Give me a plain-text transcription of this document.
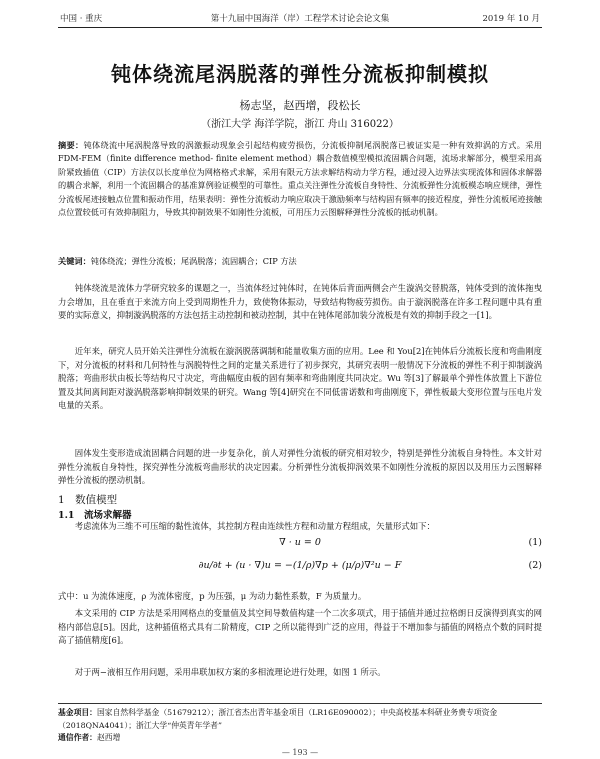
中国 · 重庆	第十九届中国海洋（岸）工程学术讨论会论文集	2019 年 10 月
钝体绕流尾涡脱落的弹性分流板抑制模拟
杨志坚，赵西增，段松长
（浙江大学 海洋学院，浙江 舟山 316022）
摘要：钝体绕流中尾涡脱落导致的涡激振动现象会引起结构疲劳损伤，分流板抑制尾涡脱落已被证实是一种有效抑涡的方式。采用 FDM-FEM（finite difference method- finite element method）耦合数值模型模拟流固耦合问题，流场求解部分，模型采用高阶紧致插值（CIP）方法仅以长度单位为网格格式求解，采用有限元方法求解结构动力学方程，通过浸入边界法实现流体和固体求解器的耦合求解，利用一个流固耦合的基准算例验证模型的可靠性。重点关注弹性分流板自身特性、分流板弹性分流板模态响应规律，弹性分流板尾迹接触点位置和振动作用，结果表明：弹性分流板动力响应取决于激励频率与结构固有频率的接近程度，弹性分流板尾迹接触点位置较低可有效抑制阻力，导致其抑制效果不如刚性分流板，可用压力云图解释弹性分流板的抵动机制。
关键词：钝体绕流；弹性分流板；尾涡脱落；流固耦合；CIP 方法
钝体绕流是流体力学研究较多的课题之一，当流体经过钝体时，在钝体后背面两侧会产生漩涡交替脱落，钝体受到的流体拖曳力会增加，且在垂直于来流方向上受到周期性升力，致使物体振动，导致结构物疲劳损伤。由于漩涡脱落在许多工程问题中具有重要的实际意义，抑制漩涡脱落的方法包括主动控制和被动控制，其中在钝体尾部加装分流板是有效的抑制手段之一[1]。
近年来，研究人员开始关注弹性分流板在漩涡脱落调制和能量收集方面的应用。Lee 和 You[2]在钝体后分流板长度和弯曲刚度下，对分流板的材料和几何特性与涡脱特性之间的定量关系进行了初步探究，其研究表明一般情况下分流板的弹性不利于抑制漩涡脱落；弯曲形状由板长等结构尺寸决定，弯曲幅度由板的固有频率和弯曲刚度共同决定。Wu 等[3]了解最单个弹性体放置上下游位置及其间离间距对漩涡脱落影响抑制效果的研究。Wang 等[4]研究在不同低雷诺数和弯曲刚度下，弹性板最大变形位置与压电片发电量的关系。
固体发生变形造成流固耦合问题的进一步复杂化，前人对弹性分流板的研究相对较少，特别是弹性分流板自身特性。本文针对弹性分流板自身特性，探究弹性分流板弯曲形状的决定因素。分析弹性分流板抑涡效果不如刚性分流板的原因以及用压力云图解释弹性分流板的摆动机制。
1　数值模型
1.1　流场求解器
考虑流体为三维不可压缩的黏性流体，其控制方程由连续性方程和动量方程组成，矢量形式如下：
∇ · u = 0	(1)
∂u/∂t + (u · ∇)u = −(1/ρ)∇p + (μ/ρ)∇²u − F	(2)
式中：u 为流体速度，ρ 为流体密度，p 为压强，μ 为动力黏性系数，F 为质量力。
本文采用的 CIP 方法是采用网格点的变量值及其空间导数值构建一个二次多项式，用于插值并通过拉格朗日反演得到真实的网格内部信息[5]。因此，这种插值格式具有二阶精度，CIP 之所以能得到广泛的应用，得益于不增加参与插值的网格点个数的同时提高了插值精度[6]。
对于两−液相互作用问题，采用串联加权方案的多相流理论进行处理，如图 1 所示。
基金项目：国家自然科学基金（51679212）；浙江省杰出青年基金项目（LR16E090002）；中央高校基本科研业务费专项资金（2018QNA4041）；浙江大学“仲英青年学者”
通信作者：赵西增
— 193 —
